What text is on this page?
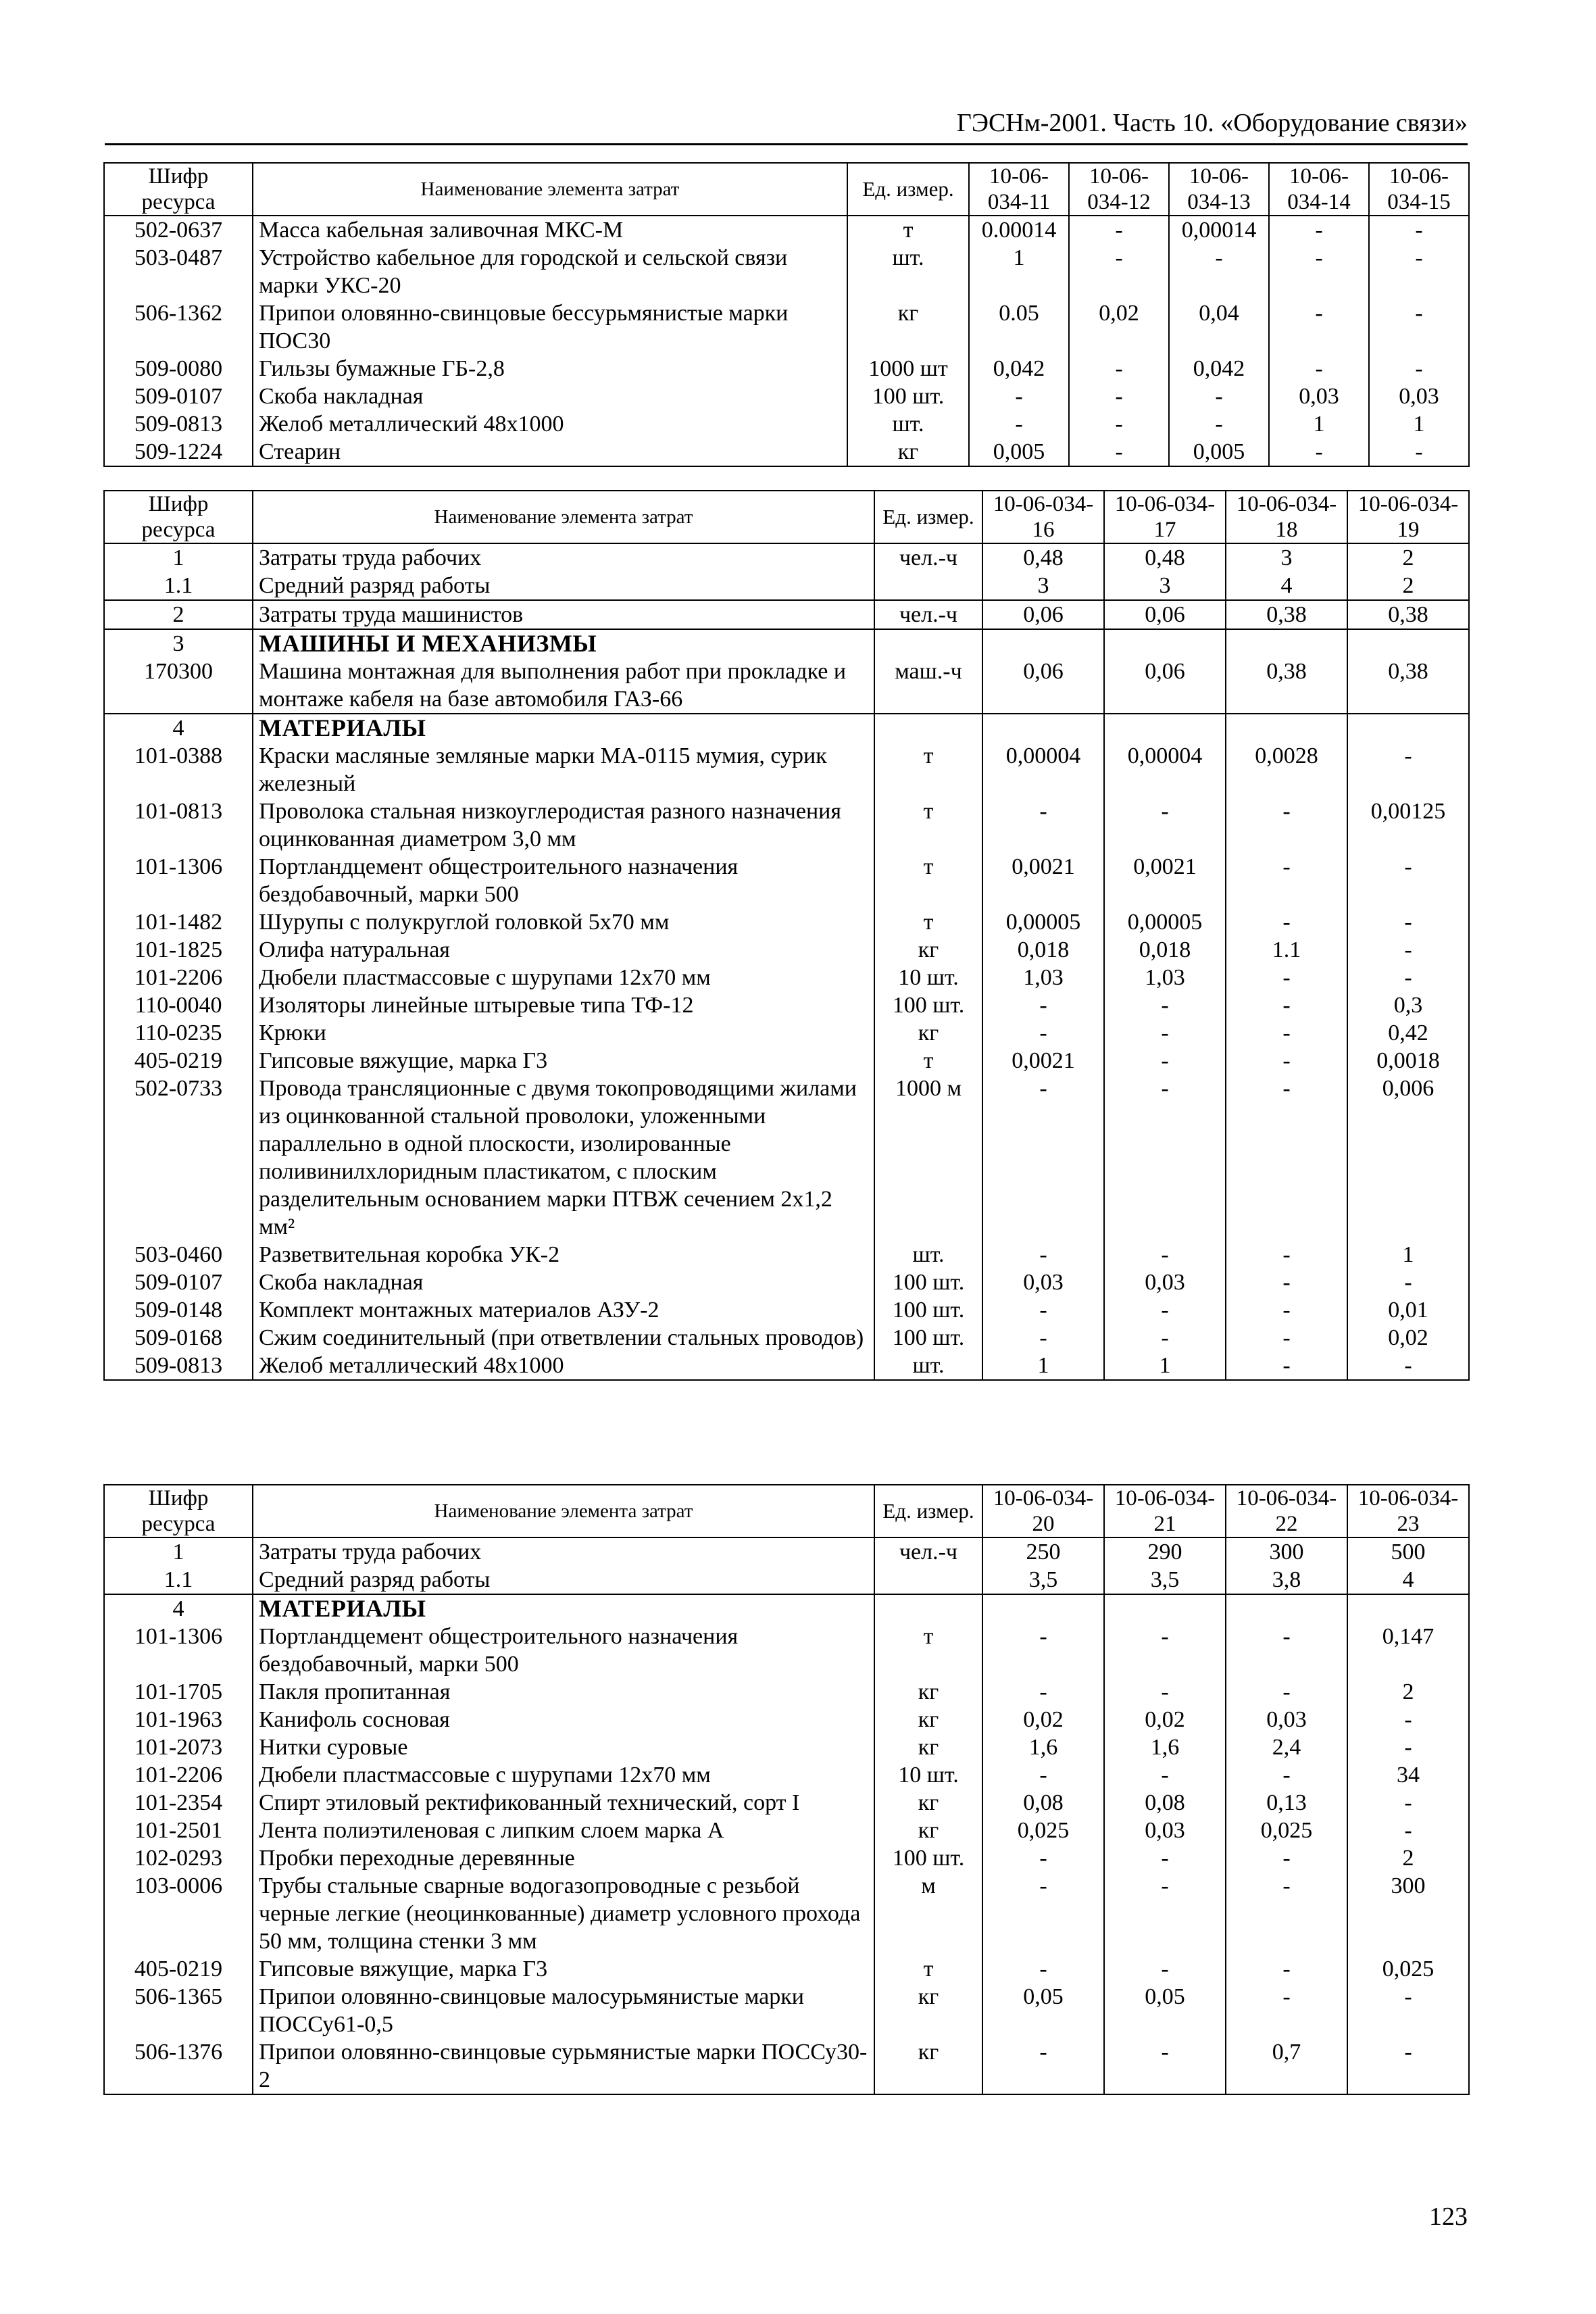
ГЭСНм-2001. Часть 10. «Оборудование связи»
Шифр ресурса	Наименование элемента затрат	Ед. измер.	10-06-034-11	10-06-034-12	10-06-034-13	10-06-034-14	10-06-034-15
502-0637	Масса кабельная заливочная МКС-М	т	0.00014	-	0,00014	-	-
503-0487	Устройство кабельное для городской и сельской связи марки УКС-20	шт.	1	-	-	-	-
506-1362	Припои оловянно-свинцовые бессурьмянистые марки ПОС30	кг	0.05	0,02	0,04	-	-
509-0080	Гильзы бумажные ГБ-2,8	1000 шт	0,042	-	0,042	-	-
509-0107	Скоба накладная	100 шт.	-	-	-	0,03	0,03
509-0813	Желоб металлический 48x1000	шт.	-	-	-	1	1
509-1224	Стеарин	кг	0,005	-	0,005	-	-
Шифр ресурса	Наименование элемента затрат	Ед. измер.	10-06-034-16	10-06-034-17	10-06-034-18	10-06-034-19
1	Затраты труда рабочих	чел.-ч	0,48	0,48	3	2
1.1	Средний разряд работы		3	3	4	2
2	Затраты труда машинистов	чел.-ч	0,06	0,06	0,38	0,38
3	МАШИНЫ И МЕХАНИЗМЫ					
170300	Машина монтажная для выполнения работ при прокладке и монтаже кабеля на базе автомобиля ГАЗ-66	маш.-ч	0,06	0,06	0,38	0,38
4	МАТЕРИАЛЫ					
101-0388	Краски масляные земляные марки МА-0115 мумия, сурик железный	т	0,00004	0,00004	0,0028	-
101-0813	Проволока стальная низкоуглеродистая разного назначения оцинкованная диаметром 3,0 мм	т	-	-	-	0,00125
101-1306	Портландцемент общестроительного назначения бездобавочный, марки 500	т	0,0021	0,0021	-	-
101-1482	Шурупы с полукруглой головкой 5х70 мм	т	0,00005	0,00005	-	-
101-1825	Олифа натуральная	кг	0,018	0,018	1.1	-
101-2206	Дюбели пластмассовые с шурупами 12х70 мм	10 шт.	1,03	1,03	-	-
110-0040	Изоляторы линейные штыревые типа ТФ-12	100 шт.	-	-	-	0,3
110-0235	Крюки	кг	-	-	-	0,42
405-0219	Гипсовые вяжущие, марка Г3	т	0,0021	-	-	0,0018
502-0733	Провода трансляционные с двумя токопроводящими жилами из оцинкованной стальной проволоки, уложенными параллельно в одной плоскости, изолированные поливинилхлоридным пластикатом, с плоским разделительным основанием марки ПТВЖ сечением 2х1,2 мм²	1000 м	-	-	-	0,006
503-0460	Разветвительная коробка УК-2	шт.	-	-	-	1
509-0107	Скоба накладная	100 шт.	0,03	0,03	-	-
509-0148	Комплект монтажных материалов АЗУ-2	100 шт.	-	-	-	0,01
509-0168	Сжим соединительный (при ответвлении стальных проводов)	100 шт.	-	-	-	0,02
509-0813	Желоб металлический 48x1000	шт.	1	1	-	-
Шифр ресурса	Наименование элемента затрат	Ед. измер.	10-06-034-20	10-06-034-21	10-06-034-22	10-06-034-23
1	Затраты труда рабочих	чел.-ч	250	290	300	500
1.1	Средний разряд работы		3,5	3,5	3,8	4
4	МАТЕРИАЛЫ					
101-1306	Портландцемент общестроительного назначения бездобавочный, марки 500	т	-	-	-	0,147
101-1705	Пакля пропитанная	кг	-	-	-	2
101-1963	Канифоль сосновая	кг	0,02	0,02	0,03	-
101-2073	Нитки суровые	кг	1,6	1,6	2,4	-
101-2206	Дюбели пластмассовые с шурупами 12х70 мм	10 шт.	-	-	-	34
101-2354	Спирт этиловый ректификованный технический, сорт I	кг	0,08	0,08	0,13	-
101-2501	Лента полиэтиленовая с липким слоем марка А	кг	0,025	0,03	0,025	-
102-0293	Пробки переходные деревянные	100 шт.	-	-	-	2
103-0006	Трубы стальные сварные водогазопроводные с резьбой черные легкие (неоцинкованные) диаметр условного прохода 50 мм, толщина стенки 3 мм	м	-	-	-	300
405-0219	Гипсовые вяжущие, марка Г3	т	-	-	-	0,025
506-1365	Припои оловянно-свинцовые малосурьмянистые марки ПОССу61-0,5	кг	0,05	0,05	-	-
506-1376	Припои оловянно-свинцовые сурьмянистые марки ПОССу30-2	кг	-	-	0,7	-
123
